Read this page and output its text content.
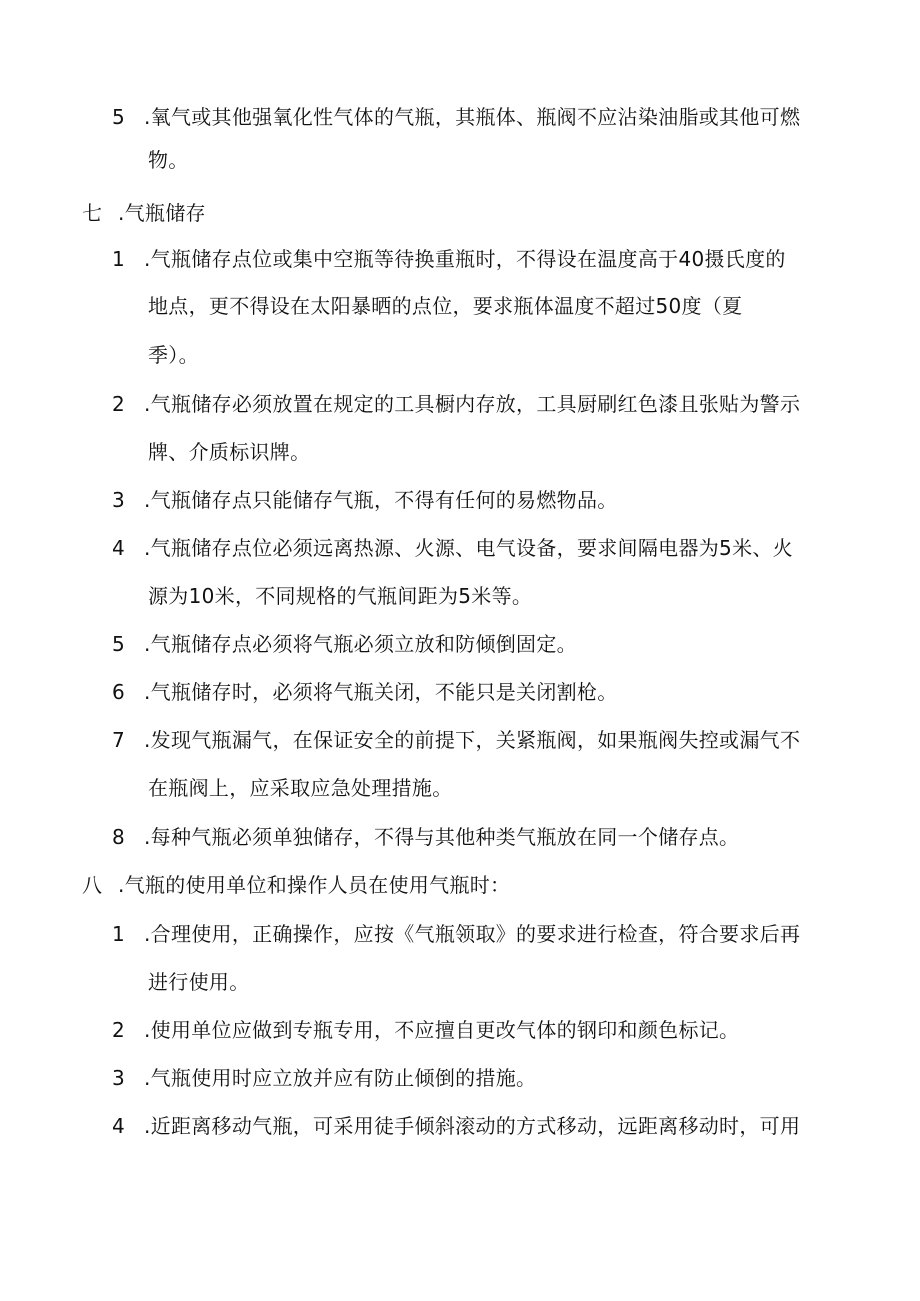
5 .氧气或其他强氧化性气体的气瓶，其瓶体、瓶阀不应沾染油脂或其他可燃
物。
七 .气瓶储存
1 .气瓶储存点位或集中空瓶等待换重瓶时，不得设在温度高于40摄氏度的
地点，更不得设在太阳暴晒的点位，要求瓶体温度不超过50度（夏
季）。
2 .气瓶储存必须放置在规定的工具橱内存放，工具厨刷红色漆且张贴为警示
牌、介质标识牌。
3 .气瓶储存点只能储存气瓶，不得有任何的易燃物品。
4 .气瓶储存点位必须远离热源、火源、电气设备，要求间隔电器为5米、火
源为10米，不同规格的气瓶间距为5米等。
5 .气瓶储存点必须将气瓶必须立放和防倾倒固定。
6 .气瓶储存时，必须将气瓶关闭，不能只是关闭割枪。
7 .发现气瓶漏气，在保证安全的前提下，关紧瓶阀，如果瓶阀失控或漏气不
在瓶阀上，应采取应急处理措施。
8 .每种气瓶必须单独储存，不得与其他种类气瓶放在同一个储存点。
八 .气瓶的使用单位和操作人员在使用气瓶时：
1 .合理使用，正确操作，应按《气瓶领取》的要求进行检查，符合要求后再
进行使用。
2 .使用单位应做到专瓶专用，不应擅自更改气体的钢印和颜色标记。
3 .气瓶使用时应立放并应有防止倾倒的措施。
4 .近距离移动气瓶，可采用徒手倾斜滚动的方式移动，远距离移动时，可用
